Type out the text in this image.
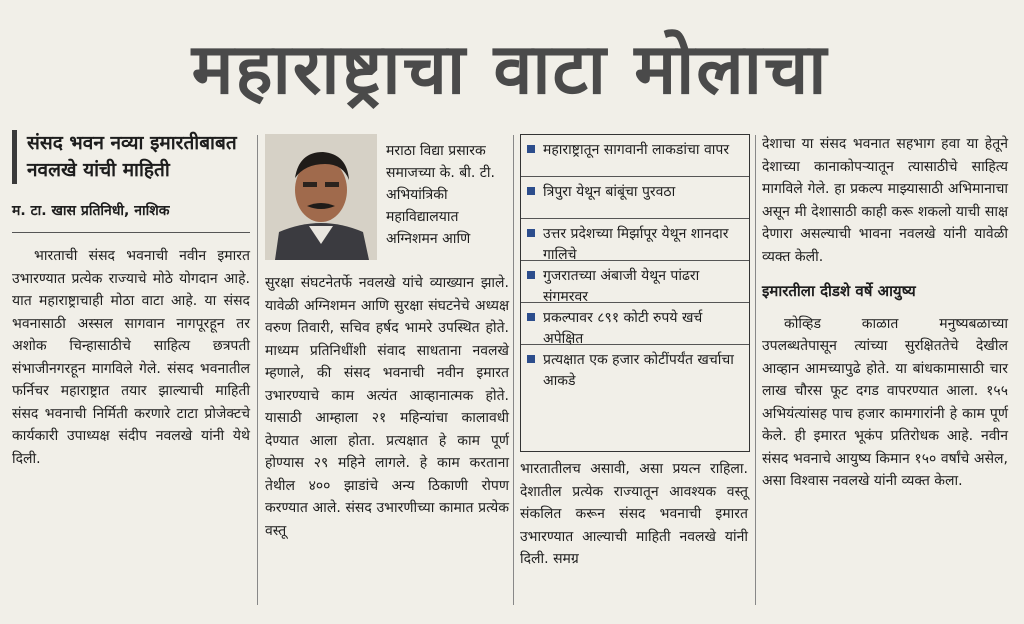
महाराष्ट्राचा वाटा मोलाचा
संसद भवन नव्या इमारतीबाबत नवलखे यांची माहिती
म. टा. खास प्रतिनिधी, नाशिक

भारताची संसद भवनाची नवीन इमारत उभारण्यात प्रत्येक राज्याचे मोठे योगदान आहे. यात महाराष्ट्राचाही मोठा वाटा आहे. या संसद भवनासाठी अस्सल सागवान नागपूरहून तर अशोक चिन्हासाठीचे साहित्य छत्रपती संभाजीनगरहून मागविले गेले. संसद भवनातील फर्निचर महाराष्ट्रात तयार झाल्याची माहिती संसद भवनाची निर्मिती करणारे टाटा प्रोजेक्टचे कार्यकारी उपाध्यक्ष संदीप नवलखे यांनी येथे दिली.

मराठा विद्या प्रसारक समाजच्या के. बी. टी. अभियांत्रिकी महाविद्यालयात अग्निशमन आणि

सुरक्षा संघटनेतर्फे नवलखे यांचे व्याख्यान झाले. यावेळी अग्निशमन आणि सुरक्षा संघटनेचे अध्यक्ष वरुण तिवारी, सचिव हर्षद भामरे उपस्थित होते. माध्यम प्रतिनिधींशी संवाद साधताना नवलखे म्हणाले, की संसद भवनाची नवीन इमारत उभारण्याचे काम अत्यंत आव्हानात्मक होते. यासाठी आम्हाला २१ महिन्यांचा कालावधी देण्यात आला होता. प्रत्यक्षात हे काम पूर्ण होण्यास २९ महिने लागले. हे काम करताना तेथील ४०० झाडांचे अन्य ठिकाणी रोपण करण्यात आले. संसद उभारणीच्या कामात प्रत्येक वस्तू

महाराष्ट्रातून सागवानी लाकडांचा वापर
त्रिपुरा येथून बांबूंचा पुरवठा
उत्तर प्रदेशच्या मिर्झापूर येथून शानदार गालिचे
गुजरातच्या अंबाजी येथून पांढरा संगमरवर
प्रकल्पावर ८९१ कोटी रुपये खर्च अपेक्षित
प्रत्यक्षात एक हजार कोटींपर्यंत खर्चाचा आकडे

भारतातीलच असावी, असा प्रयत्न राहिला. देशातील प्रत्येक राज्यातून आवश्यक वस्तू संकलित करून संसद भवनाची इमारत उभारण्यात आल्याची माहिती नवलखे यांनी दिली. समग्र

देशाचा या संसद भवनात सहभाग हवा या हेतूने देशाच्या कानाकोपऱ्यातून त्यासाठीचे साहित्य मागविले गेले. हा प्रकल्प माझ्यासाठी अभिमानाचा असून मी देशासाठी काही करू शकलो याची साक्ष देणारा असल्याची भावना नवलखे यांनी यावेळी व्यक्त केली.

इमारतीला दीडशे वर्षे आयुष्य

कोव्हिड काळात मनुष्यबळाच्या उपलब्धतेपासून त्यांच्या सुरक्षिततेचे देखील आव्हान आमच्यापुढे होते. या बांधकामासाठी चार लाख चौरस फूट दगड वापरण्यात आला. १५५ अभियंत्यांसह पाच हजार कामगारांनी हे काम पूर्ण केले. ही इमारत भूकंप प्रतिरोधक आहे. नवीन संसद भवनाचे आयुष्य किमान १५० वर्षांचे असेल, असा विश्वास नवलखे यांनी व्यक्त केला.
